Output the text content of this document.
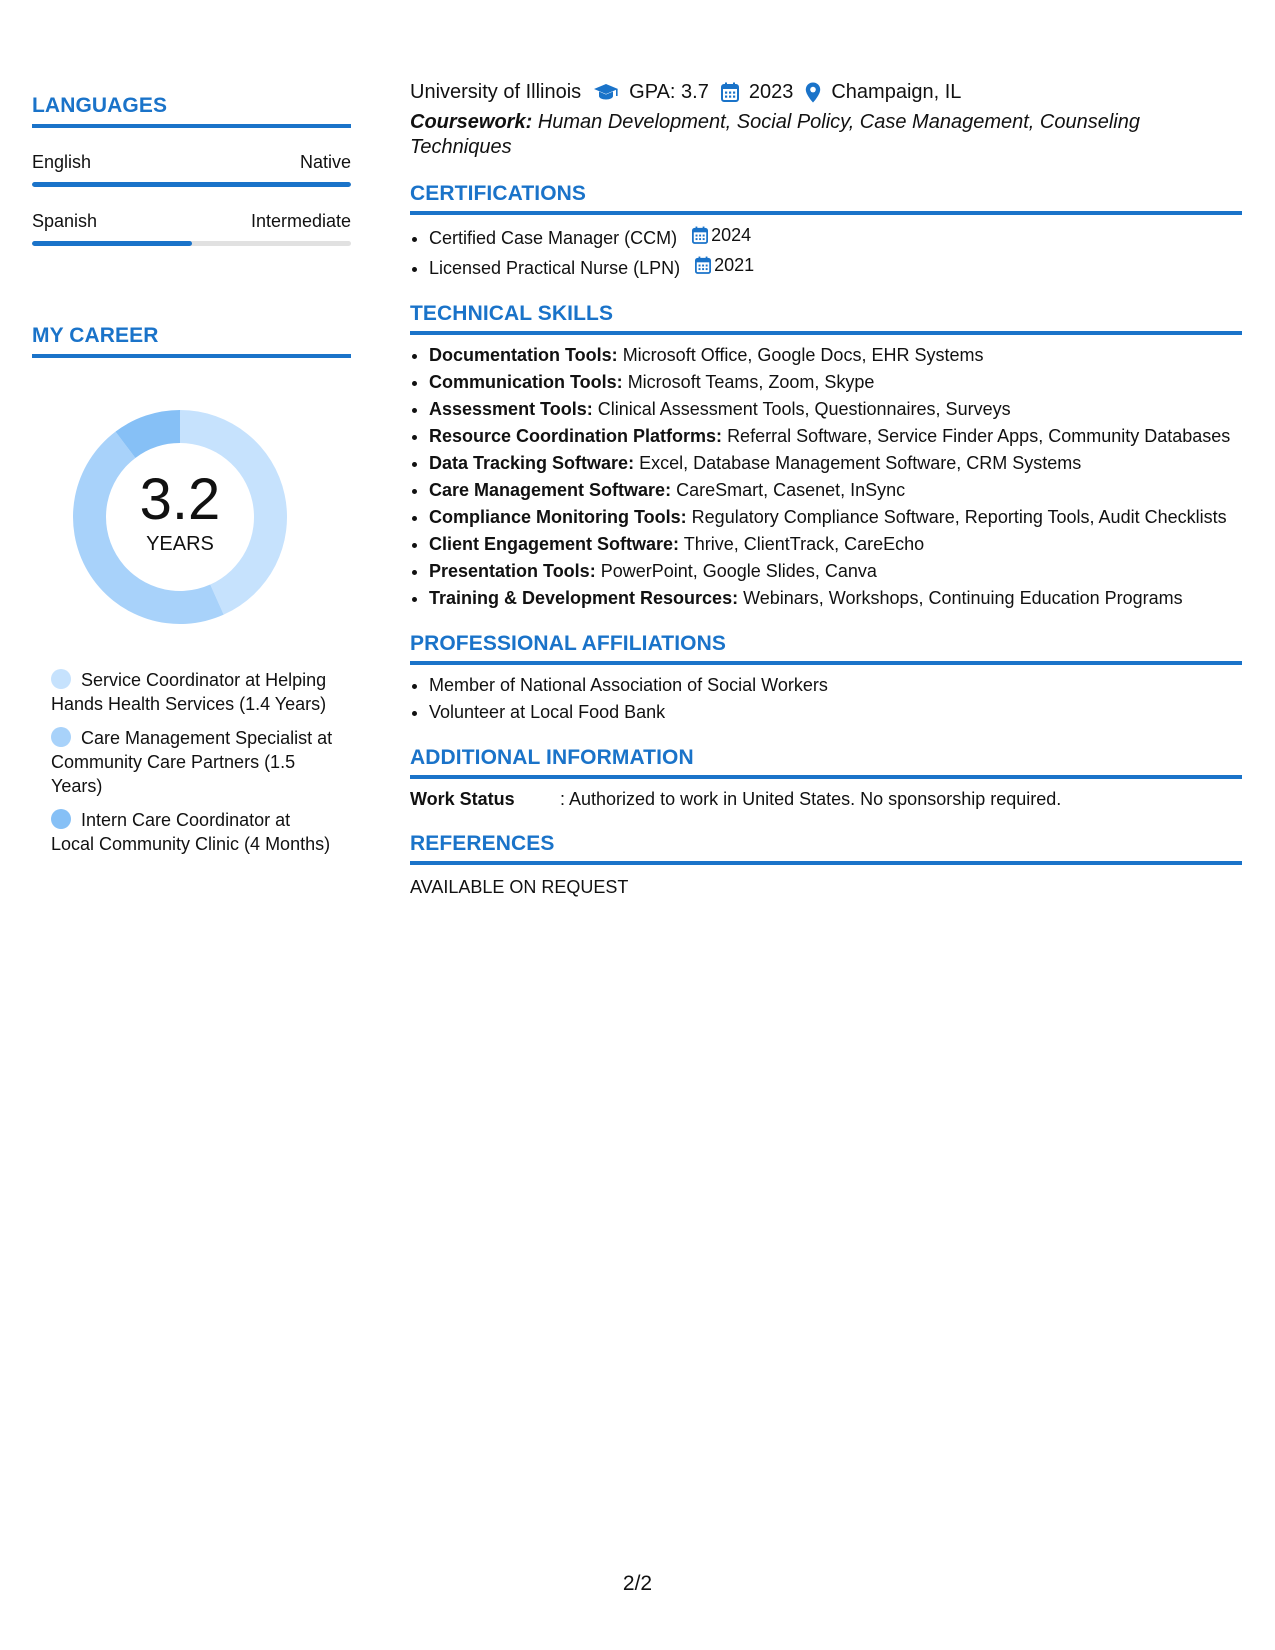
LANGUAGES
English	Native
Spanish	Intermediate
MY CAREER
3.2
YEARS
Service Coordinator at Helping Hands Health Services (1.4 Years)
Care Management Specialist at Community Care Partners (1.5 Years)
Intern Care Coordinator at Local Community Clinic (4 Months)
University of Illinois GPA: 3.7 2023 Champaign, IL
Coursework: Human Development, Social Policy, Case Management, Counseling Techniques
CERTIFICATIONS
• Certified Case Manager (CCM) 2024
• Licensed Practical Nurse (LPN) 2021
TECHNICAL SKILLS
• Documentation Tools: Microsoft Office, Google Docs, EHR Systems
• Communication Tools: Microsoft Teams, Zoom, Skype
• Assessment Tools: Clinical Assessment Tools, Questionnaires, Surveys
• Resource Coordination Platforms: Referral Software, Service Finder Apps, Community Databases
• Data Tracking Software: Excel, Database Management Software, CRM Systems
• Care Management Software: CareSmart, Casenet, InSync
• Compliance Monitoring Tools: Regulatory Compliance Software, Reporting Tools, Audit Checklists
• Client Engagement Software: Thrive, ClientTrack, CareEcho
• Presentation Tools: PowerPoint, Google Slides, Canva
• Training & Development Resources: Webinars, Workshops, Continuing Education Programs
PROFESSIONAL AFFILIATIONS
• Member of National Association of Social Workers
• Volunteer at Local Food Bank
ADDITIONAL INFORMATION
Work Status	: Authorized to work in United States. No sponsorship required.
REFERENCES
AVAILABLE ON REQUEST
2/2
